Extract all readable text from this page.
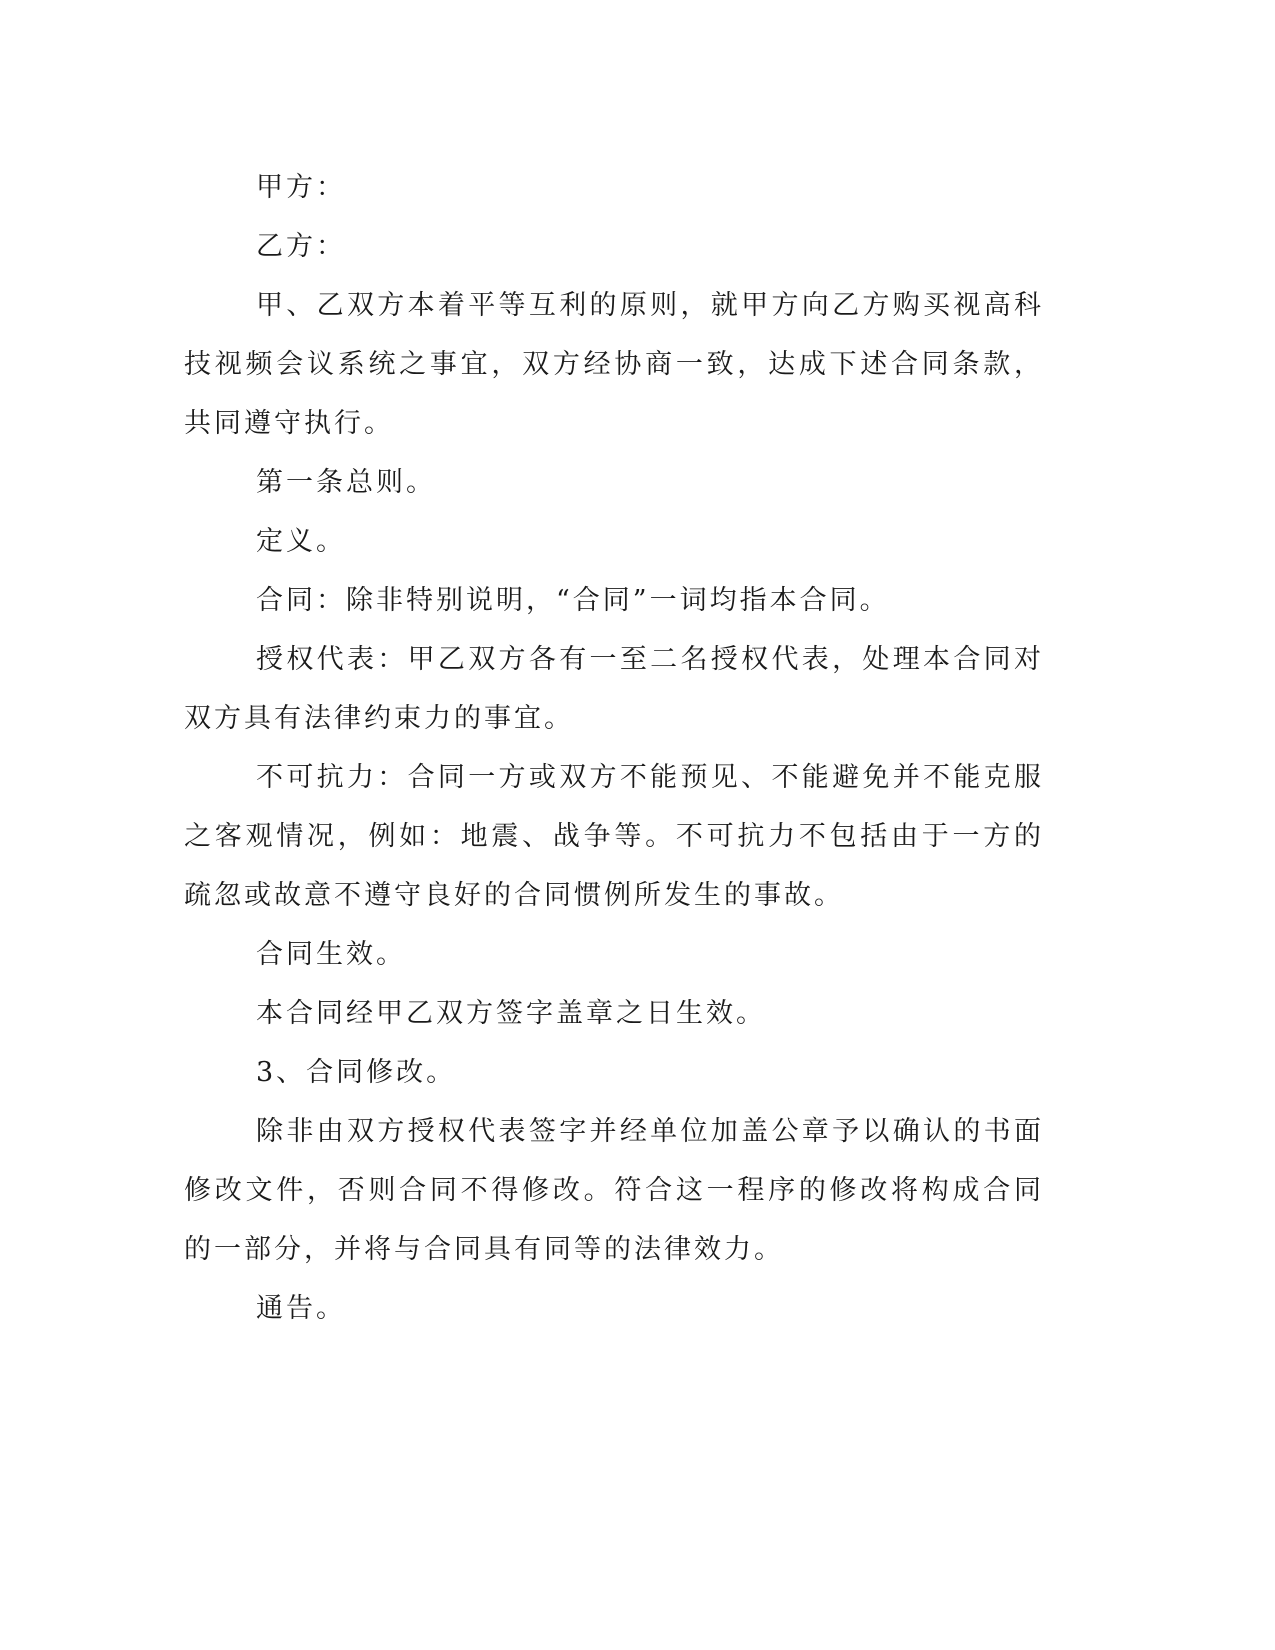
甲方：

乙方：

甲、乙双方本着平等互利的原则，就甲方向乙方购买视高科技视频会议系统之事宜，双方经协商一致，达成下述合同条款，共同遵守执行。

第一条总则。

定义。

合同：除非特别说明，“合同”一词均指本合同。

授权代表：甲乙双方各有一至二名授权代表，处理本合同对双方具有法律约束力的事宜。

不可抗力：合同一方或双方不能预见、不能避免并不能克服之客观情况，例如：地震、战争等。不可抗力不包括由于一方的疏忽或故意不遵守良好的合同惯例所发生的事故。

合同生效。

本合同经甲乙双方签字盖章之日生效。

3、合同修改。

除非由双方授权代表签字并经单位加盖公章予以确认的书面修改文件，否则合同不得修改。符合这一程序的修改将构成合同的一部分，并将与合同具有同等的法律效力。

通告。
